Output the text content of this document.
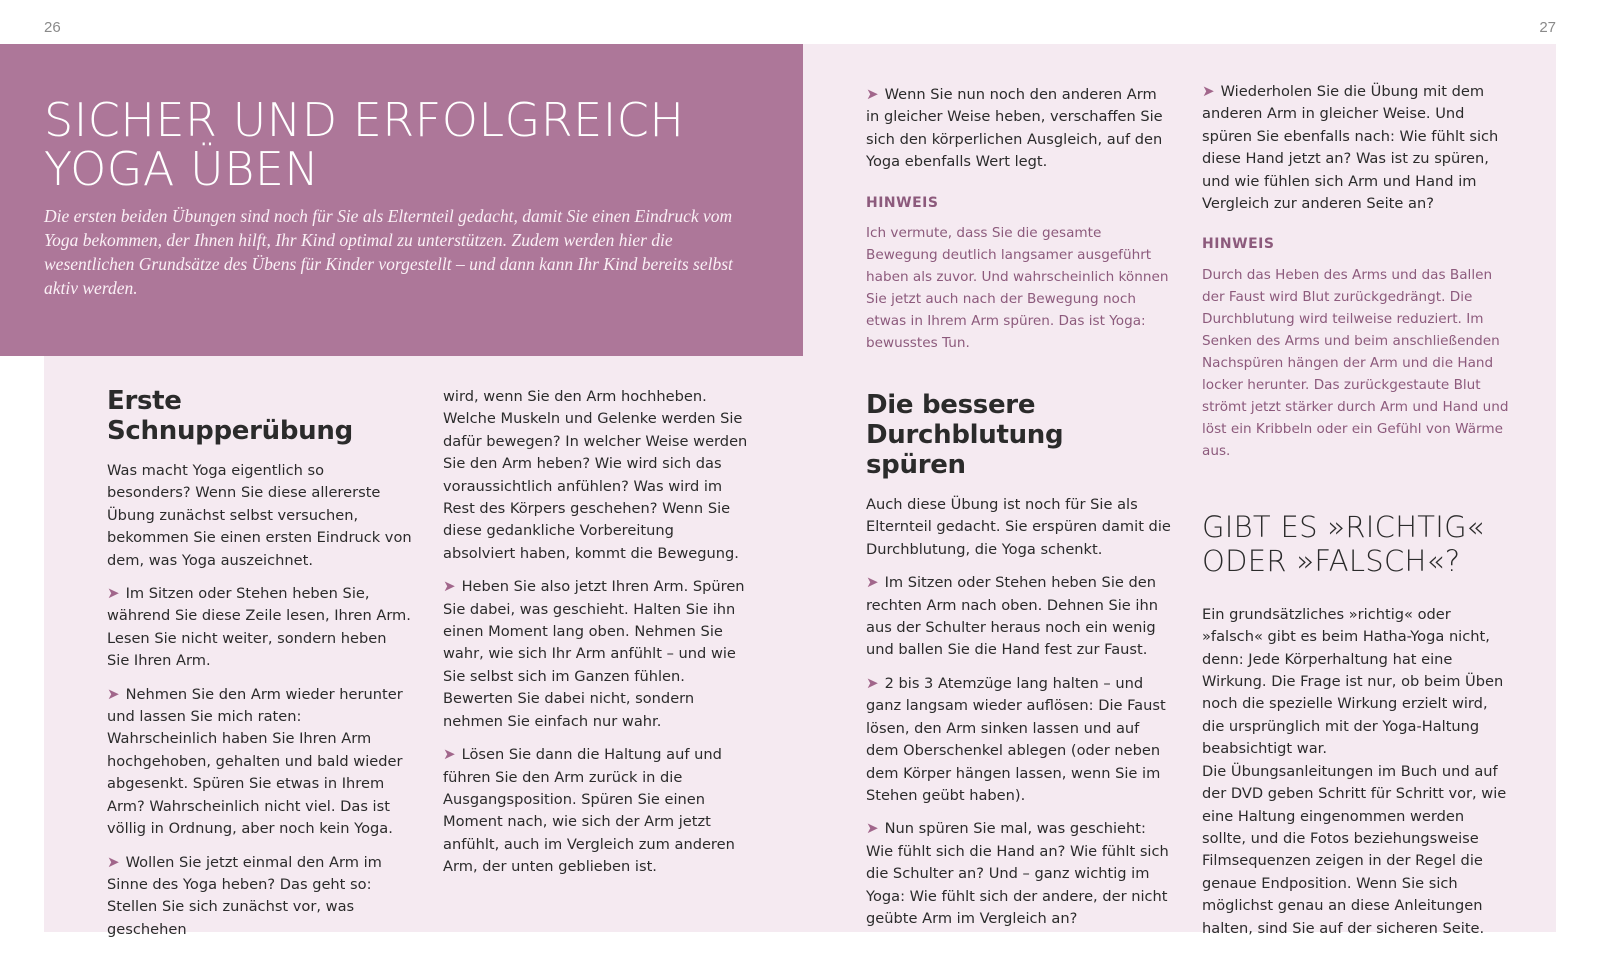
26	27
SICHER UND ERFOLGREICH
YOGA ÜBEN

Die ersten beiden Übungen sind noch für Sie als Elternteil gedacht, damit Sie einen Eindruck vom Yoga bekommen, der Ihnen hilft, Ihr Kind optimal zu unterstützen. Zudem werden hier die wesentlichen Grundsätze des Übens für Kinder vorgestellt – und dann kann Ihr Kind bereits selbst aktiv werden.

Erste Schnupperübung

Was macht Yoga eigentlich so besonders? Wenn Sie diese allererste Übung zunächst selbst versuchen, bekommen Sie einen ersten Eindruck von dem, was Yoga auszeichnet.

➤ Im Sitzen oder Stehen heben Sie, während Sie diese Zeile lesen, Ihren Arm. Lesen Sie nicht weiter, sondern heben Sie Ihren Arm.

➤ Nehmen Sie den Arm wieder herunter und lassen Sie mich raten: Wahrscheinlich haben Sie Ihren Arm hochgehoben, gehalten und bald wieder abgesenkt. Spüren Sie etwas in Ihrem Arm? Wahrscheinlich nicht viel. Das ist völlig in Ordnung, aber noch kein Yoga.

➤ Wollen Sie jetzt einmal den Arm im Sinne des Yoga heben? Das geht so: Stellen Sie sich zunächst vor, was geschehen

wird, wenn Sie den Arm hochheben. Welche Muskeln und Gelenke werden Sie dafür bewegen? In welcher Weise werden Sie den Arm heben? Wie wird sich das voraussichtlich anfühlen? Was wird im Rest des Körpers geschehen? Wenn Sie diese gedankliche Vorbereitung absolviert haben, kommt die Bewegung.

➤ Heben Sie also jetzt Ihren Arm. Spüren Sie dabei, was geschieht. Halten Sie ihn einen Moment lang oben. Nehmen Sie wahr, wie sich Ihr Arm anfühlt – und wie Sie selbst sich im Ganzen fühlen. Bewerten Sie dabei nicht, sondern nehmen Sie einfach nur wahr.

➤ Lösen Sie dann die Haltung auf und führen Sie den Arm zurück in die Ausgangsposition. Spüren Sie einen Moment nach, wie sich der Arm jetzt anfühlt, auch im Vergleich zum anderen Arm, der unten geblieben ist.

➤ Wenn Sie nun noch den anderen Arm in gleicher Weise heben, verschaffen Sie sich den körperlichen Ausgleich, auf den Yoga ebenfalls Wert legt.

HINWEIS

Ich vermute, dass Sie die gesamte Bewegung deutlich langsamer ausgeführt haben als zuvor. Und wahrscheinlich können Sie jetzt auch nach der Bewegung noch etwas in Ihrem Arm spüren. Das ist Yoga: bewusstes Tun.

Die bessere Durchblutung
spüren

Auch diese Übung ist noch für Sie als Elternteil gedacht. Sie erspüren damit die Durchblutung, die Yoga schenkt.

➤ Im Sitzen oder Stehen heben Sie den rechten Arm nach oben. Dehnen Sie ihn aus der Schulter heraus noch ein wenig und ballen Sie die Hand fest zur Faust.

➤ 2 bis 3 Atemzüge lang halten – und ganz langsam wieder auflösen: Die Faust lösen, den Arm sinken lassen und auf dem Oberschenkel ablegen (oder neben dem Körper hängen lassen, wenn Sie im Stehen geübt haben).

➤ Nun spüren Sie mal, was geschieht: Wie fühlt sich die Hand an? Wie fühlt sich die Schulter an? Und – ganz wichtig im Yoga: Wie fühlt sich der andere, der nicht geübte Arm im Vergleich an?

➤ Wiederholen Sie die Übung mit dem anderen Arm in gleicher Weise. Und spüren Sie ebenfalls nach: Wie fühlt sich diese Hand jetzt an? Was ist zu spüren, und wie fühlen sich Arm und Hand im Vergleich zur anderen Seite an?

HINWEIS

Durch das Heben des Arms und das Ballen der Faust wird Blut zurückgedrängt. Die Durchblutung wird teilweise reduziert. Im Senken des Arms und beim anschließenden Nachspüren hängen der Arm und die Hand locker herunter. Das zurückgestaute Blut strömt jetzt stärker durch Arm und Hand und löst ein Kribbeln oder ein Gefühl von Wärme aus.

GIBT ES »RICHTIG«
ODER »FALSCH«?

Ein grundsätzliches »richtig« oder »falsch« gibt es beim Hatha-Yoga nicht, denn: Jede Körperhaltung hat eine Wirkung. Die Frage ist nur, ob beim Üben noch die spezielle Wirkung erzielt wird, die ursprünglich mit der Yoga-Haltung beabsichtigt war.

Die Übungsanleitungen im Buch und auf der DVD geben Schritt für Schritt vor, wie eine Haltung eingenommen werden sollte, und die Fotos beziehungsweise Filmsequenzen zeigen in der Regel die genaue Endposition. Wenn Sie sich möglichst genau an diese Anleitungen halten, sind Sie auf der sicheren Seite.
